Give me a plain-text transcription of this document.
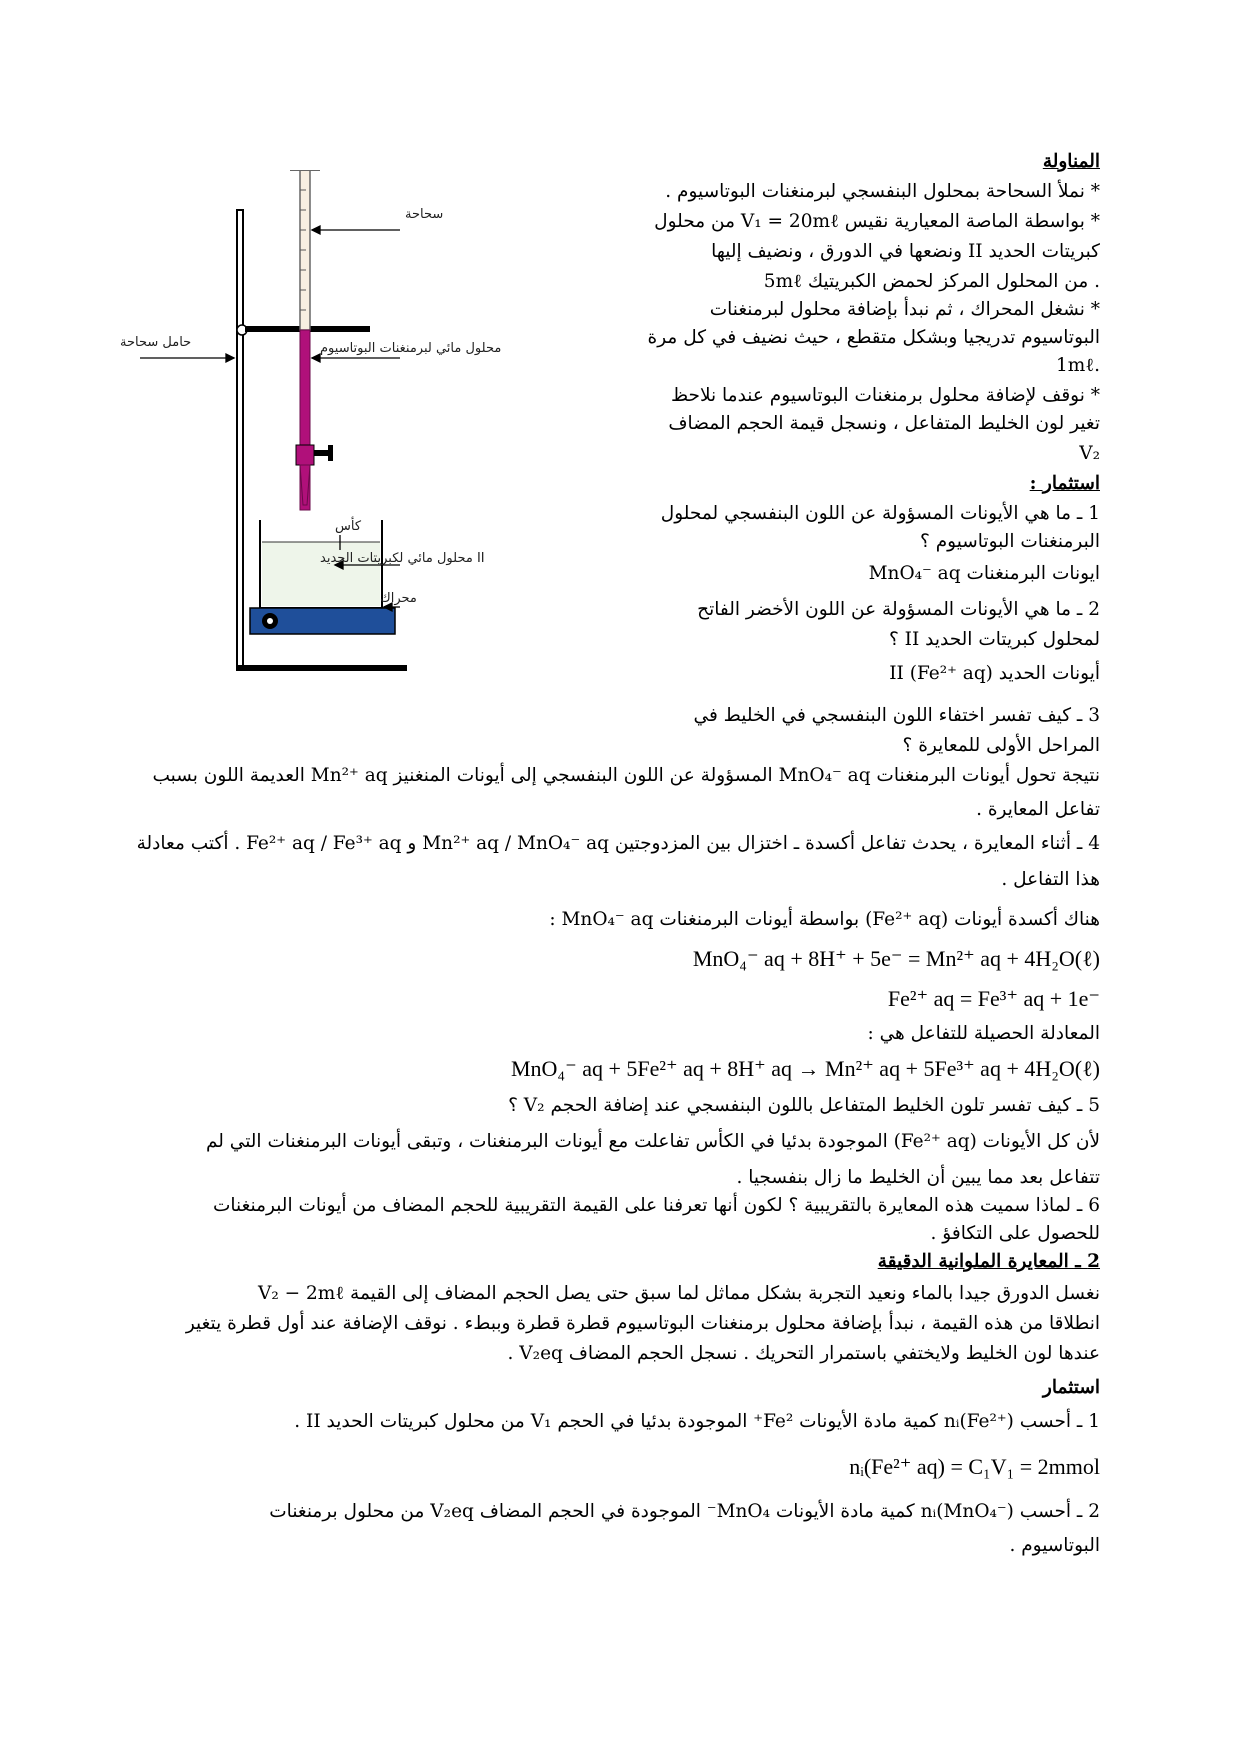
سحاحة
حامل سحاحة	محلول مائي لبرمنغنات البوتاسيوم
كأس
محلول مائي لكبريتات الحديد II
محراك
المناولة
* نملأ السحاحة بمحلول البنفسجي لبرمنغنات البوتاسيوم .
* بواسطة الماصة المعيارية نقيس V₁ = 20mℓ من محلول
كبريتات الحديد II ونضعها في الدورق ، ونضيف إليها
5mℓ من المحلول المركز لحمض الكبريتيك .
* نشغل المحراك ، ثم نبدأ بإضافة محلول لبرمنغنات
البوتاسيوم تدريجيا وبشكل متقطع ، حيث نضيف في كل مرة
1mℓ.
* نوقف لإضافة محلول برمنغنات البوتاسيوم عندما نلاحظ
تغير لون الخليط المتفاعل ، ونسجل قيمة الحجم المضاف
V₂
استثمار :
1 ـ ما هي الأيونات المسؤولة عن اللون البنفسجي لمحلول
البرمنغنات البوتاسيوم ؟
ايونات البرمنغنات MnO₄⁻ aq
2 ـ ما هي الأيونات المسؤولة عن اللون الأخضر الفاتح
لمحلول كبريتات الحديد II ؟
أيونات الحديد II (Fe²⁺ aq)
3 ـ كيف تفسر اختفاء اللون البنفسجي في الخليط في
المراحل الأولى للمعايرة ؟
نتيجة تحول أيونات البرمنغنات MnO₄⁻ aq المسؤولة عن اللون البنفسجي إلى أيونات المنغنيز Mn²⁺ aq العديمة اللون بسبب
تفاعل المعايرة .
4 ـ أثناء المعايرة ، يحدث تفاعل أكسدة ـ اختزال بين المزدوجتين Mn²⁺ aq / MnO₄⁻ aq و Fe²⁺ aq / Fe³⁺ aq . أكتب معادلة
هذا التفاعل .
هناك أكسدة أيونات (Fe²⁺ aq) بواسطة أيونات البرمنغنات MnO₄⁻ aq :
MnO₄⁻ aq + 8H⁺ + 5e⁻ = Mn²⁺ aq + 4H₂O(ℓ)
Fe²⁺ aq = Fe³⁺ aq + 1e⁻
المعادلة الحصيلة للتفاعل هي :
MnO₄⁻ aq + 5Fe²⁺ aq + 8H⁺ aq → Mn²⁺ aq + 5Fe³⁺ aq + 4H₂O(ℓ)
5 ـ كيف تفسر تلون الخليط المتفاعل باللون البنفسجي عند إضافة الحجم V₂ ؟
لأن كل الأيونات (Fe²⁺ aq) الموجودة بدئيا في الكأس تفاعلت مع أيونات البرمنغنات ، وتبقى أيونات البرمنغنات التي لم
تتفاعل بعد مما يبين أن الخليط ما زال بنفسجيا .
6 ـ لماذا سميت هذه المعايرة بالتقريبية ؟ لكون أنها تعرفنا على القيمة التقريبية للحجم المضاف من أيونات البرمنغنات
للحصول على التكافؤ .
2 ـ المعايرة الملوانية الدقيقة
نغسل الدورق جيدا بالماء ونعيد التجربة بشكل مماثل لما سبق حتى يصل الحجم المضاف إلى القيمة V₂ − 2mℓ
انطلاقا من هذه القيمة ، نبدأ بإضافة محلول برمنغنات البوتاسيوم قطرة قطرة وببطء . نوقف الإضافة عند أول قطرة يتغير
عندها لون الخليط ولايختفي باستمرار التحريك . نسجل الحجم المضاف V₂eq .
استثمار
1 ـ أحسب nᵢ(Fe²⁺) كمية مادة الأيونات Fe²⁺ الموجودة بدئيا في الحجم V₁ من محلول كبريتات الحديد II .
nᵢ(Fe²⁺ aq) = C₁V₁ = 2mmol
2 ـ أحسب nᵢ(MnO₄⁻) كمية مادة الأيونات MnO₄⁻ الموجودة في الحجم المضاف V₂eq من محلول برمنغنات
البوتاسيوم .
